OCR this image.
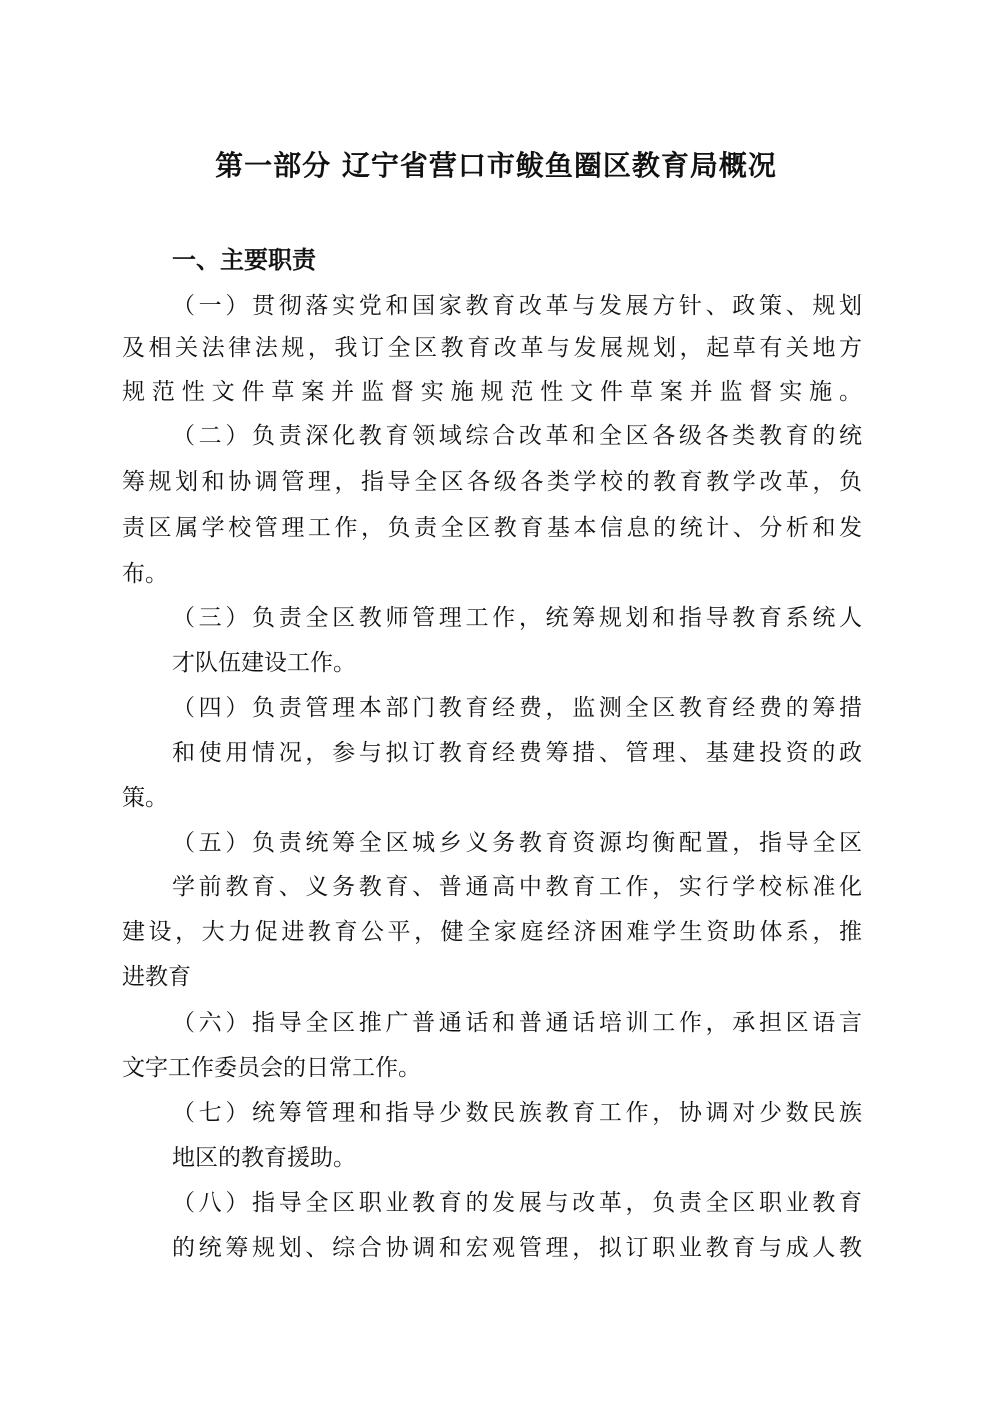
第一部分 辽宁省营口市鲅鱼圈区教育局概况
一、主要职责
（一）贯彻落实党和国家教育改革与发展方针、政策、规划
及相关法律法规，我订全区教育改革与发展规划，起草有关地方
规范性文件草案并监督实施规范性文件草案并监督实施。
（二）负责深化教育领域综合改革和全区各级各类教育的统
筹规划和协调管理，指导全区各级各类学校的教育教学改革，负
责区属学校管理工作，负责全区教育基本信息的统计、分析和发
布。
（三）负责全区教师管理工作，统筹规划和指导教育系统人
才队伍建设工作。
（四）负责管理本部门教育经费，监测全区教育经费的筹措
和使用情况，参与拟订教育经费筹措、管理、基建投资的政
策。
（五）负责统筹全区城乡义务教育资源均衡配置，指导全区
学前教育、义务教育、普通高中教育工作，实行学校标准化
建设，大力促进教育公平，健全家庭经济困难学生资助体系，推
进教育
（六）指导全区推广普通话和普通话培训工作，承担区语言
文字工作委员会的日常工作。
（七）统筹管理和指导少数民族教育工作，协调对少数民族
地区的教育援助。
（八）指导全区职业教育的发展与改革，负责全区职业教育
的统筹规划、综合协调和宏观管理，拟订职业教育与成人教
